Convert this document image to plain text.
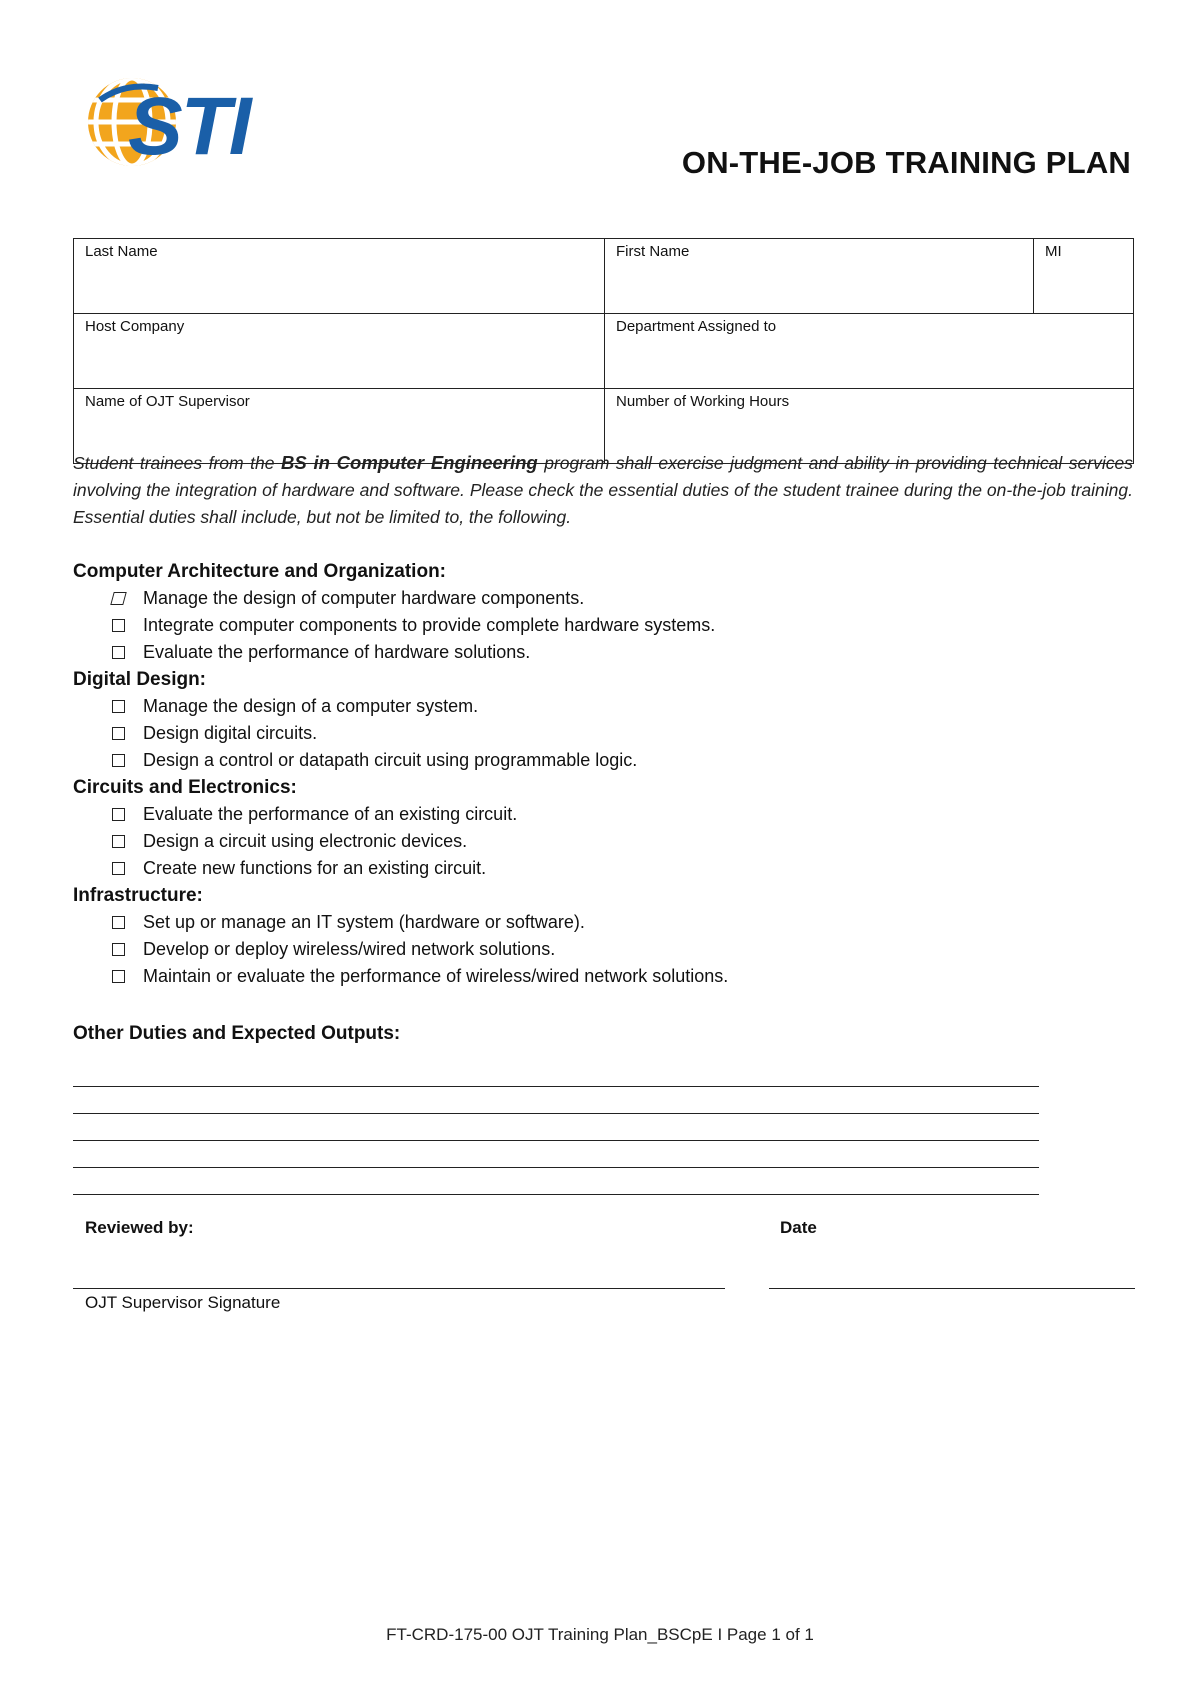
STI	ON-THE-JOB TRAINING PLAN
Last Name	First Name	MI
Host Company	Department Assigned to	
Name of OJT Supervisor	Number of Working Hours	
Student trainees from the BS in Computer Engineering program shall exercise judgment and ability in providing technical services involving the integration of hardware and software. Please check the essential duties of the student trainee during the on-the-job training. Essential duties shall include, but not be limited to, the following.

Computer Architecture and Organization:

Manage the design of computer hardware components.
Integrate computer components to provide complete hardware systems.
Evaluate the performance of hardware solutions.

Digital Design:

Manage the design of a computer system.
Design digital circuits.
Design a control or datapath circuit using programmable logic.

Circuits and Electronics:

Evaluate the performance of an existing circuit.
Design a circuit using electronic devices.
Create new functions for an existing circuit.

Infrastructure:

Set up or manage an IT system (hardware or software).
Develop or deploy wireless/wired network solutions.
Maintain or evaluate the performance of wireless/wired network solutions.
Other Duties and Expected Outputs:
Reviewed by:	Date
OJT Supervisor Signature
FT-CRD-175-00 OJT Training Plan_BSCpE I Page 1 of 1
